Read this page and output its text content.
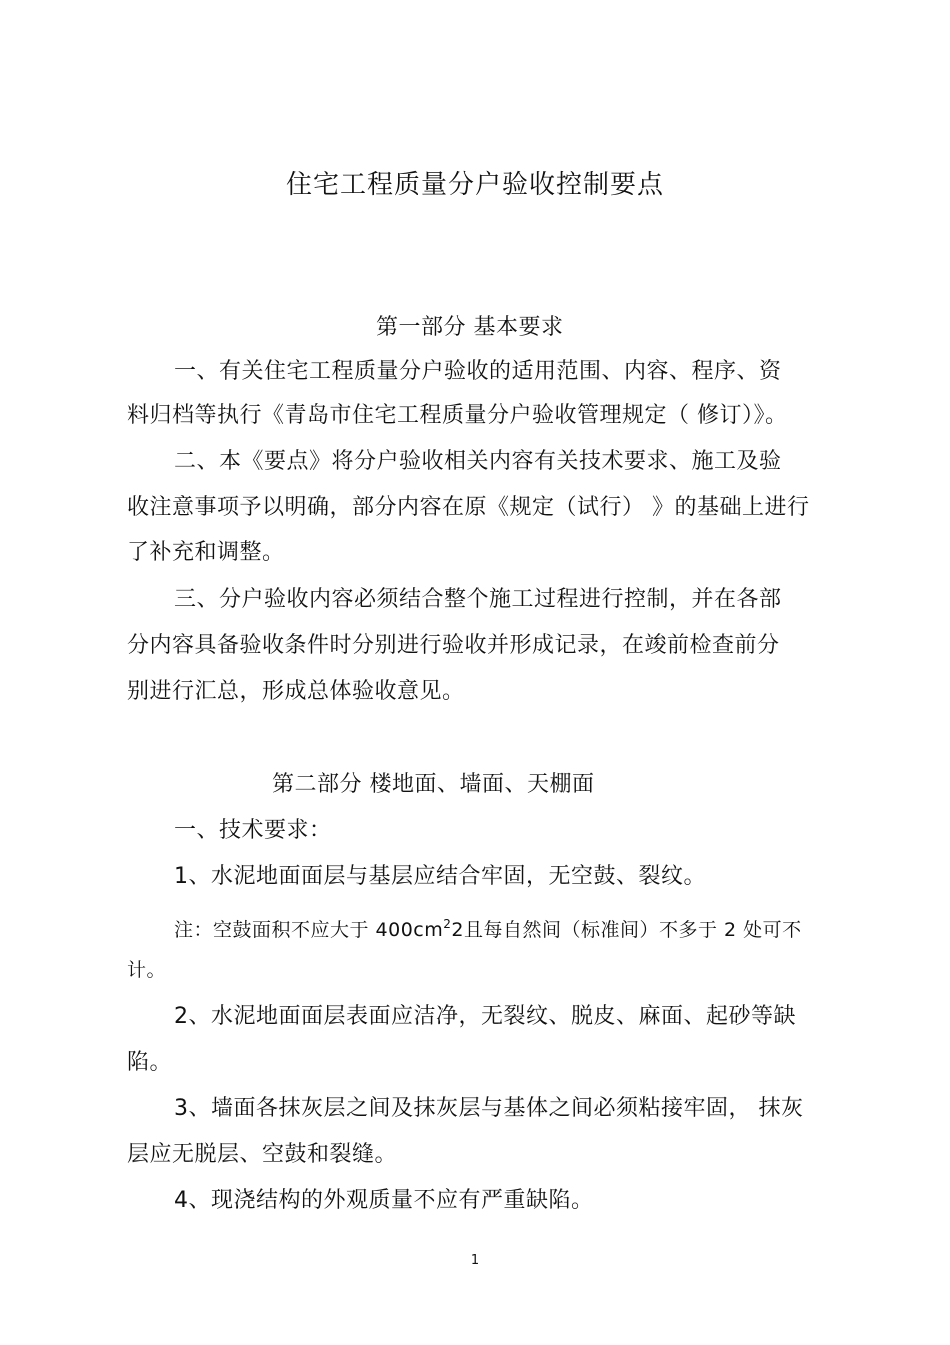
住宅工程质量分户验收控制要点
第一部分 基本要求
一、有关住宅工程质量分户验收的适用范围、内容、程序、资
料归档等执行《青岛市住宅工程质量分户验收管理规定（ 修订）》。
二、本《要点》将分户验收相关内容有关技术要求、施工及验
收注意事项予以明确，部分内容在原《规定（试行） 》的基础上进行
了补充和调整。
三、分户验收内容必须结合整个施工过程进行控制，并在各部
分内容具备验收条件时分别进行验收并形成记录，在竣前检查前分
别进行汇总，形成总体验收意见。
第二部分 楼地面、墙面、天棚面
一、技术要求：
1、水泥地面面层与基层应结合牢固，无空鼓、裂纹。
注：空鼓面积不应大于 $400cm^22$且每自然间（标准间）不多于 2 处可不
计。
2、水泥地面面层表面应洁净，无裂纹、脱皮、麻面、起砂等缺
陷。
3、墙面各抹灰层之间及抹灰层与基体之间必须粘接牢固， 抹灰
层应无脱层、空鼓和裂缝。
4、现浇结构的外观质量不应有严重缺陷。
1
